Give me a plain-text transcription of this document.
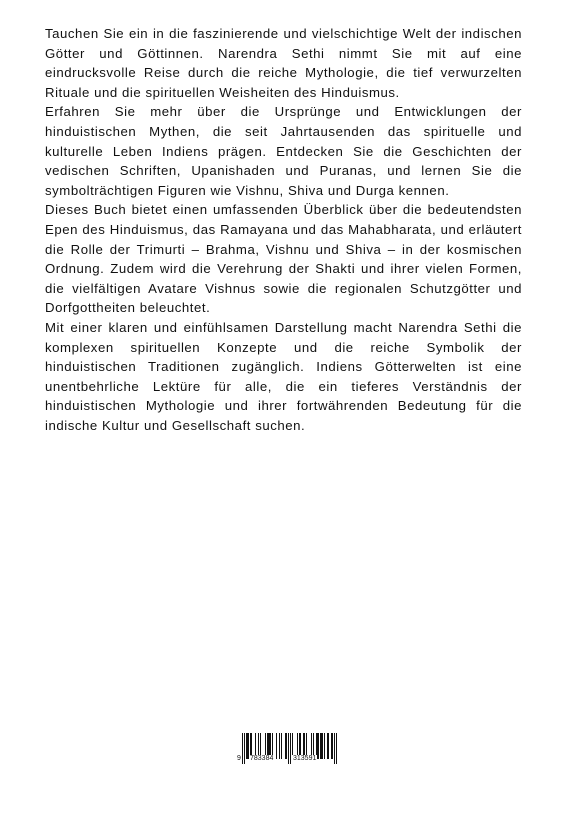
Tauchen Sie ein in die faszinierende und vielschichtige Welt der indischen Götter und Göttinnen. Narendra Sethi nimmt Sie mit auf eine eindrucksvolle Reise durch die reiche Mythologie, die tief verwurzelten Rituale und die spirituellen Weisheiten des Hinduismus.

Erfahren Sie mehr über die Ursprünge und Entwicklungen der hinduistischen Mythen, die seit Jahrtausenden das spirituelle und kulturelle Leben Indiens prägen. Entdecken Sie die Geschichten der vedischen Schriften, Upanishaden und Puranas, und lernen Sie die symbolträchtigen Figuren wie Vishnu, Shiva und Durga kennen.

Dieses Buch bietet einen umfassenden Überblick über die bedeutendsten Epen des Hinduismus, das Ramayana und das Mahabharata, und erläutert die Rolle der Trimurti – Brahma, Vishnu und Shiva – in der kosmischen Ordnung. Zudem wird die Verehrung der Shakti und ihrer vielen Formen, die vielfältigen Avatare Vishnus sowie die regionalen Schutzgötter und Dorfgottheiten beleuchtet.

Mit einer klaren und einfühlsamen Darstellung macht Narendra Sethi die komplexen spirituellen Konzepte und die reiche Symbolik der hinduistischen Traditionen zugänglich. Indiens Götterwelten ist eine unentbehrliche Lektüre für alle, die ein tieferes Verständnis der hinduistischen Mythologie und ihrer fortwährenden Bedeutung für die indische Kultur und Gesellschaft suchen.

9 783384	313591
